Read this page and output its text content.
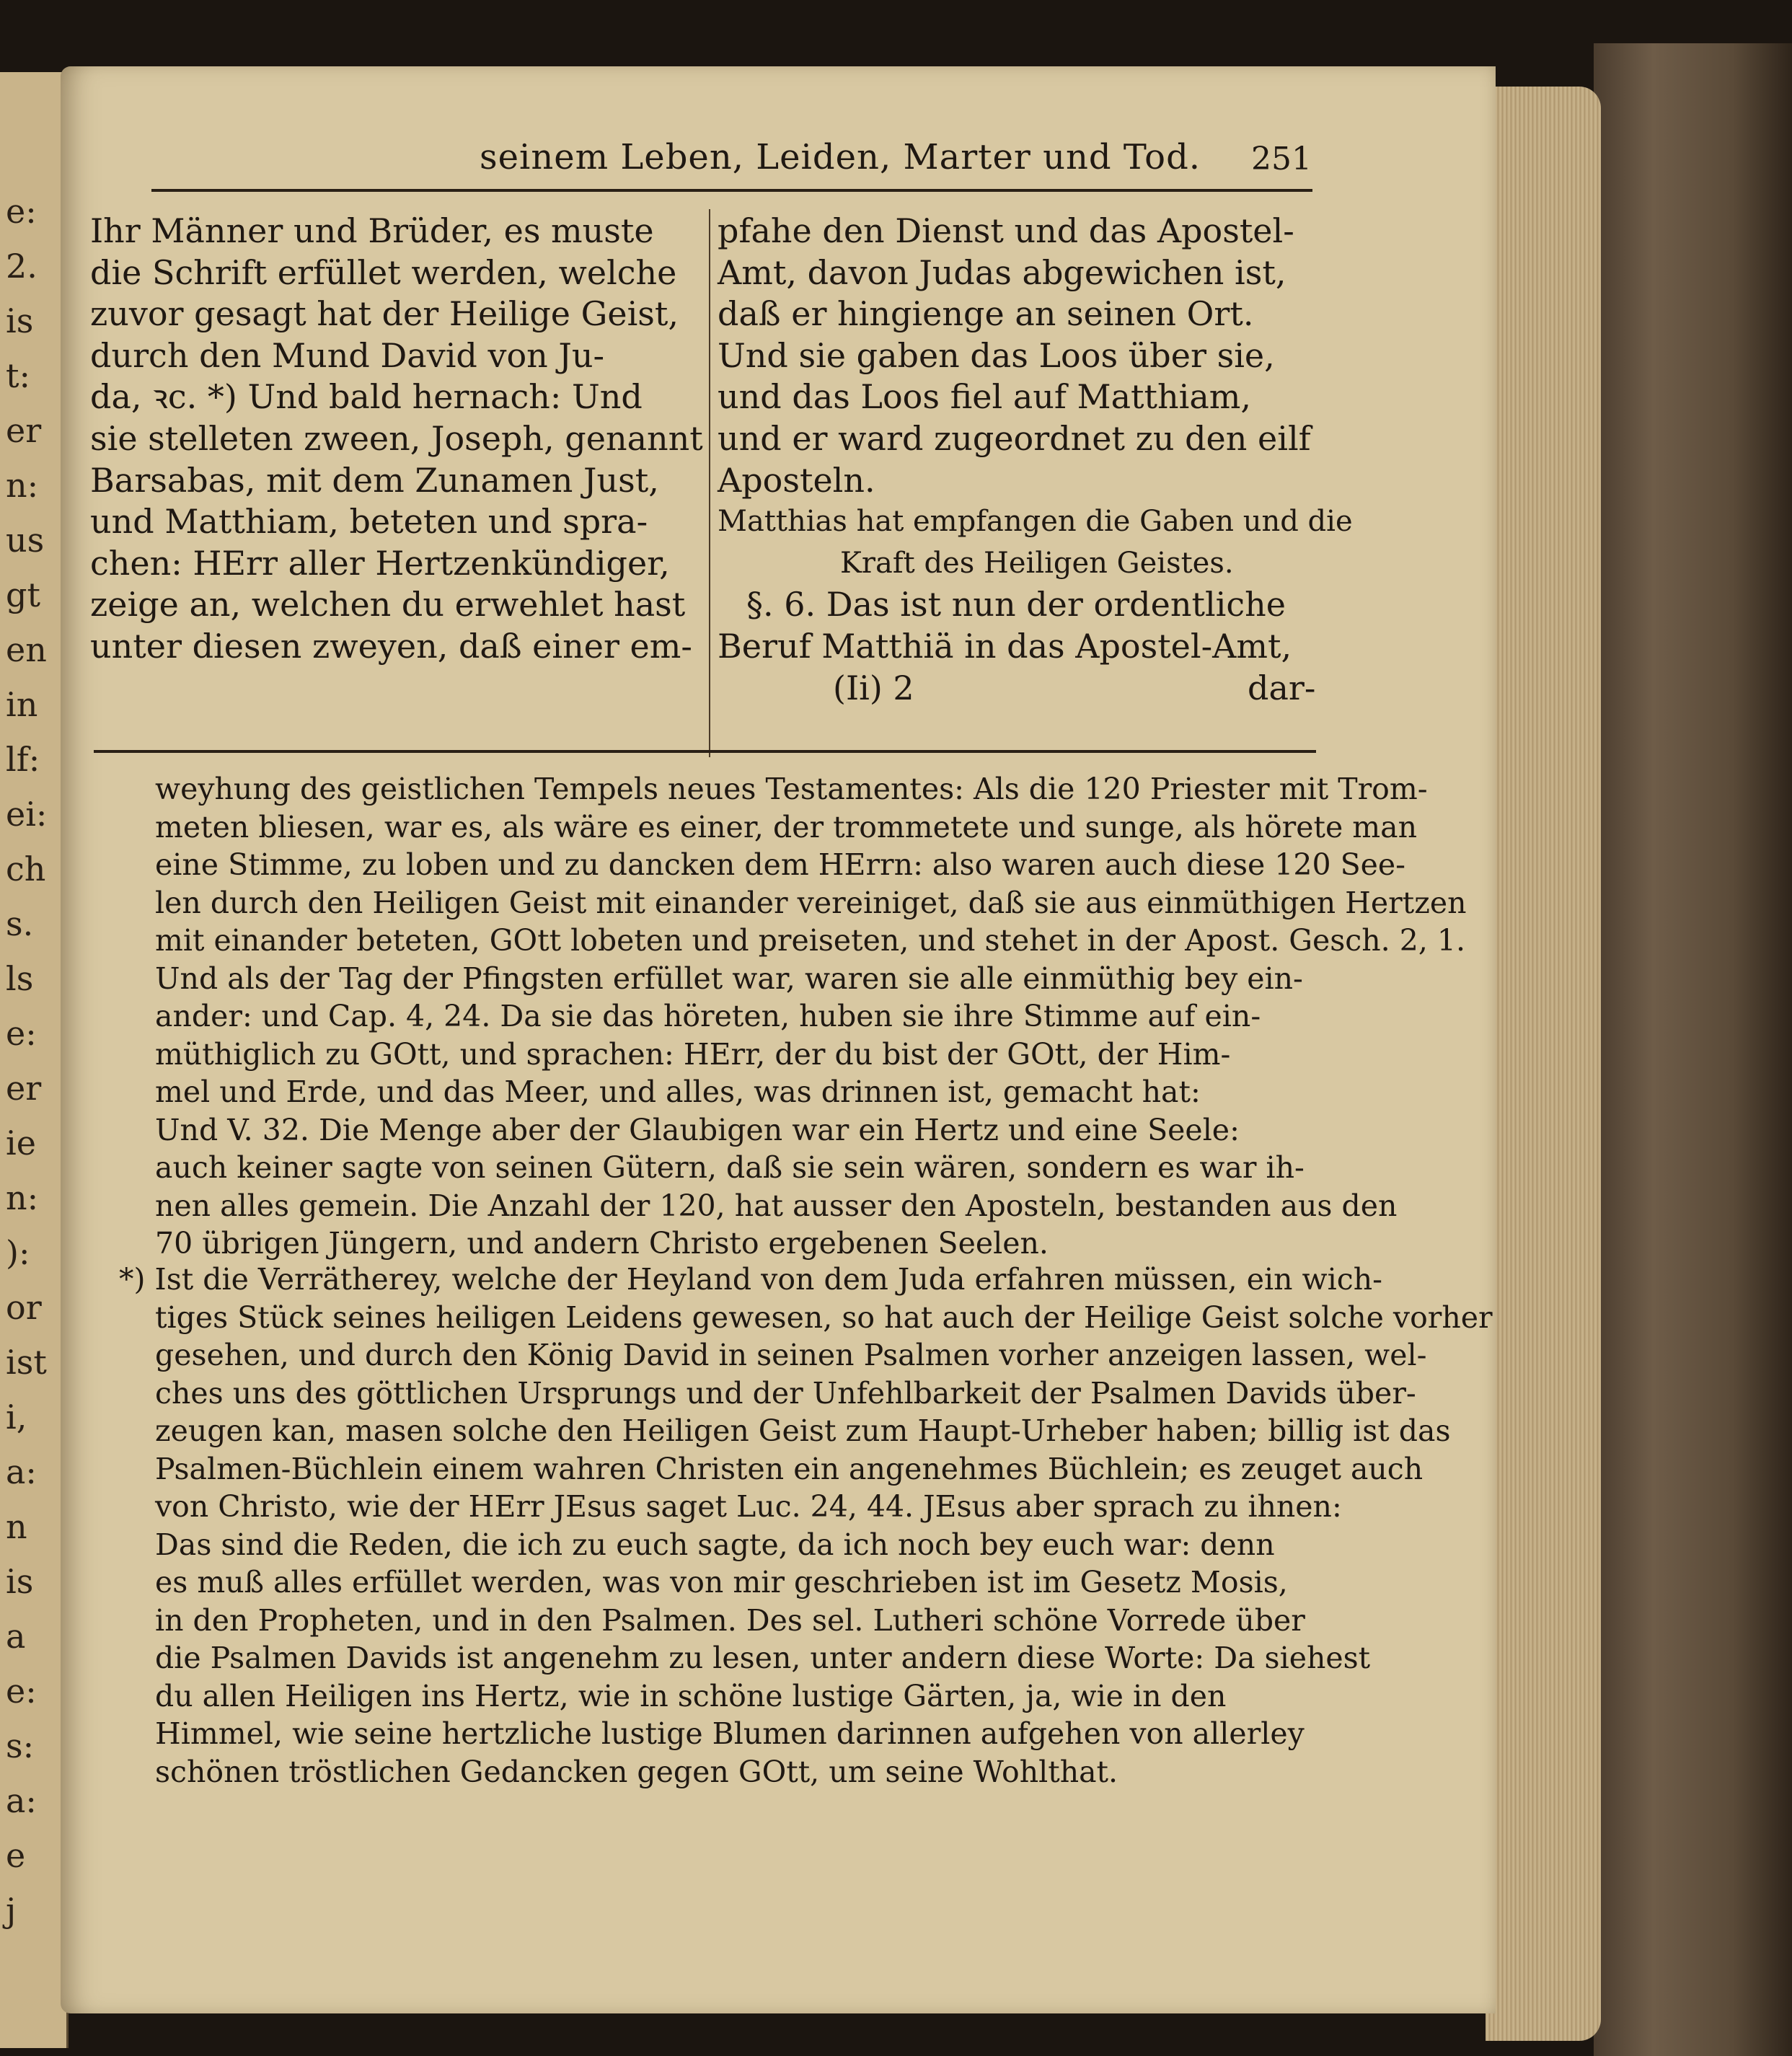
e:
2.
is
t:
er
n:
us
gt
en
in
lf:
ei:
ch
s.
ls
e:
er
ie
n:
):
or
ist
i,
a:
n
is
a
e:
s:
a:
e
j
seinem Leben, Leiden, Marter und Tod.	251
Ihr Männer und Brüder, es muste
die Schrift erfüllet werden, welche
zuvor gesagt hat der Heilige Geist,
durch den Mund David von Ju-
da, ꝛc. *) Und bald hernach: Und
sie stelleten zween, Joseph, genannt
Barsabas, mit dem Zunamen Just,
und Matthiam, beteten und spra-
chen: HErr aller Hertzenkündiger,
zeige an, welchen du erwehlet hast
unter diesen zweyen, daß einer em-
pfahe den Dienst und das Apostel-
Amt, davon Judas abgewichen ist,
daß er hingienge an seinen Ort.
Und sie gaben das Loos über sie,
und das Loos fiel auf Matthiam,
und er ward zugeordnet zu den eilf
Aposteln.
Matthias hat empfangen die Gaben und die
Kraft des Heiligen Geistes.
§. 6. Das ist nun der ordentliche
Beruf Matthiä in das Apostel-Amt,
(Ii) 2	dar-
weyhung des geistlichen Tempels neues Testamentes: Als die 120 Priester mit Trom-
meten bliesen, war es, als wäre es einer, der trommetete und sunge, als hörete man
eine Stimme, zu loben und zu dancken dem HErrn: also waren auch diese 120 See-
len durch den Heiligen Geist mit einander vereiniget, daß sie aus einmüthigen Hertzen
mit einander beteten, GOtt lobeten und preiseten, und stehet in der Apost. Gesch. 2, 1.
Und als der Tag der Pfingsten erfüllet war, waren sie alle einmüthig bey ein-
ander: und Cap. 4, 24. Da sie das höreten, huben sie ihre Stimme auf ein-
müthiglich zu GOtt, und sprachen: HErr, der du bist der GOtt, der Him-
mel und Erde, und das Meer, und alles, was drinnen ist, gemacht hat:
Und V. 32. Die Menge aber der Glaubigen war ein Hertz und eine Seele:
auch keiner sagte von seinen Gütern, daß sie sein wären, sondern es war ih-
nen alles gemein. Die Anzahl der 120, hat ausser den Aposteln, bestanden aus den
70 übrigen Jüngern, und andern Christo ergebenen Seelen.
*) Ist die Verrätherey, welche der Heyland von dem Juda erfahren müssen, ein wich-
tiges Stück seines heiligen Leidens gewesen, so hat auch der Heilige Geist solche vorher
gesehen, und durch den König David in seinen Psalmen vorher anzeigen lassen, wel-
ches uns des göttlichen Ursprungs und der Unfehlbarkeit der Psalmen Davids über-
zeugen kan, masen solche den Heiligen Geist zum Haupt-Urheber haben; billig ist das
Psalmen-Büchlein einem wahren Christen ein angenehmes Büchlein; es zeuget auch
von Christo, wie der HErr JEsus saget Luc. 24, 44. JEsus aber sprach zu ihnen:
Das sind die Reden, die ich zu euch sagte, da ich noch bey euch war: denn
es muß alles erfüllet werden, was von mir geschrieben ist im Gesetz Mosis,
in den Propheten, und in den Psalmen. Des sel. Lutheri schöne Vorrede über
die Psalmen Davids ist angenehm zu lesen, unter andern diese Worte: Da siehest
du allen Heiligen ins Hertz, wie in schöne lustige Gärten, ja, wie in den
Himmel, wie seine hertzliche lustige Blumen darinnen aufgehen von allerley
schönen tröstlichen Gedancken gegen GOtt, um seine Wohlthat.
